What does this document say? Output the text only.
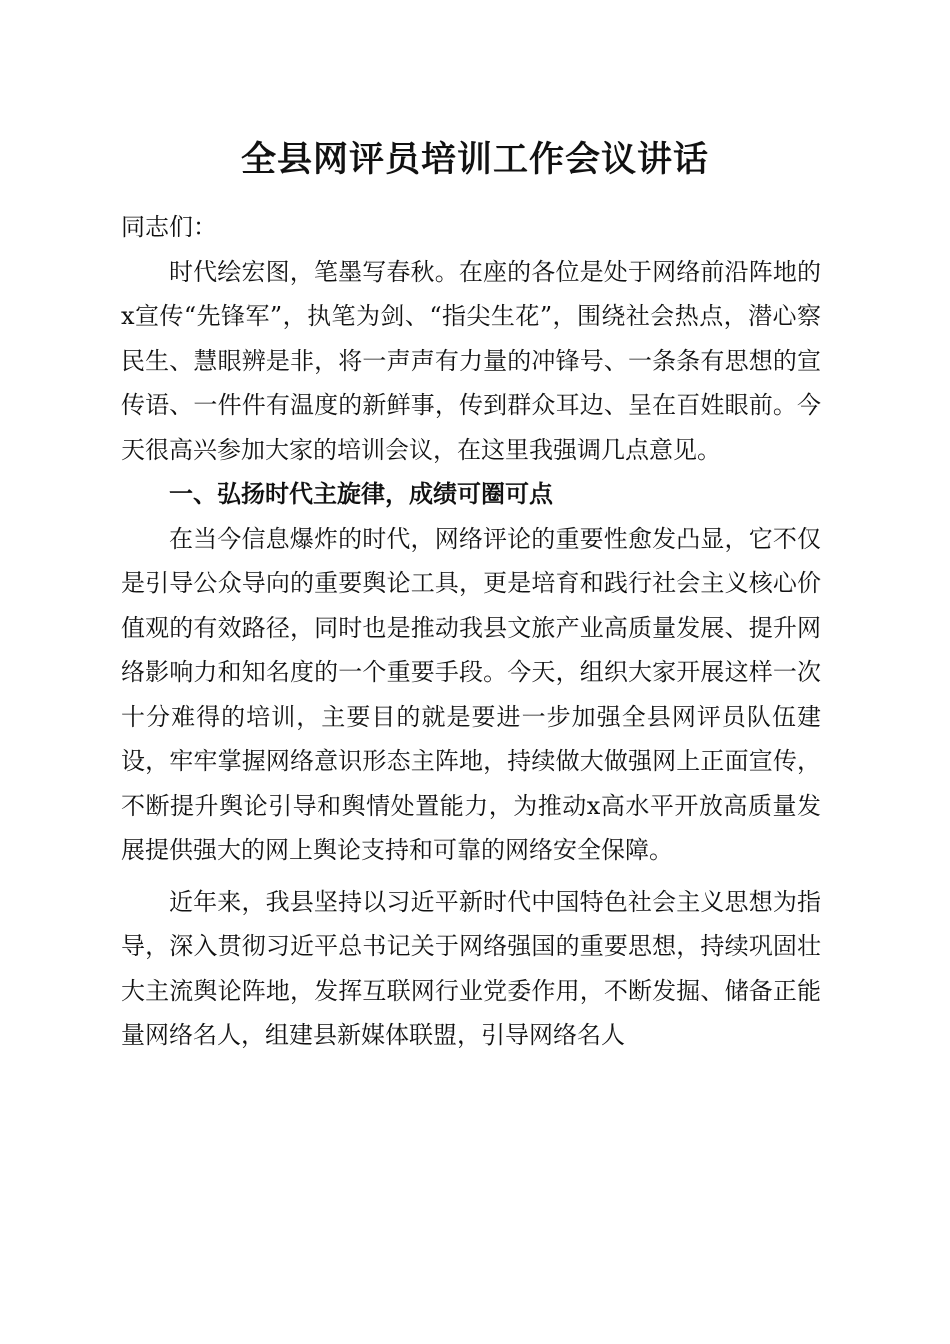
全县网评员培训工作会议讲话

同志们：

时代绘宏图，笔墨写春秋。在座的各位是处于网络前沿阵地的x宣传“先锋军”，执笔为剑、“指尖生花”，围绕社会热点，潜心察民生、慧眼辨是非，将一声声有力量的冲锋号、一条条有思想的宣传语、一件件有温度的新鲜事，传到群众耳边、呈在百姓眼前。今天很高兴参加大家的培训会议，在这里我强调几点意见。

一、弘扬时代主旋律，成绩可圈可点

在当今信息爆炸的时代，网络评论的重要性愈发凸显，它不仅是引导公众导向的重要舆论工具，更是培育和践行社会主义核心价值观的有效路径，同时也是推动我县文旅产业高质量发展、提升网络影响力和知名度的一个重要手段。今天，组织大家开展这样一次十分难得的培训，主要目的就是要进一步加强全县网评员队伍建设，牢牢掌握网络意识形态主阵地，持续做大做强网上正面宣传，不断提升舆论引导和舆情处置能力，为推动x高水平开放高质量发展提供强大的网上舆论支持和可靠的网络安全保障。

近年来，我县坚持以习近平新时代中国特色社会主义思想为指导，深入贯彻习近平总书记关于网络强国的重要思想，持续巩固壮大主流舆论阵地，发挥互联网行业党委作用，不断发掘、储备正能量网络名人，组建县新媒体联盟，引导网络名人
